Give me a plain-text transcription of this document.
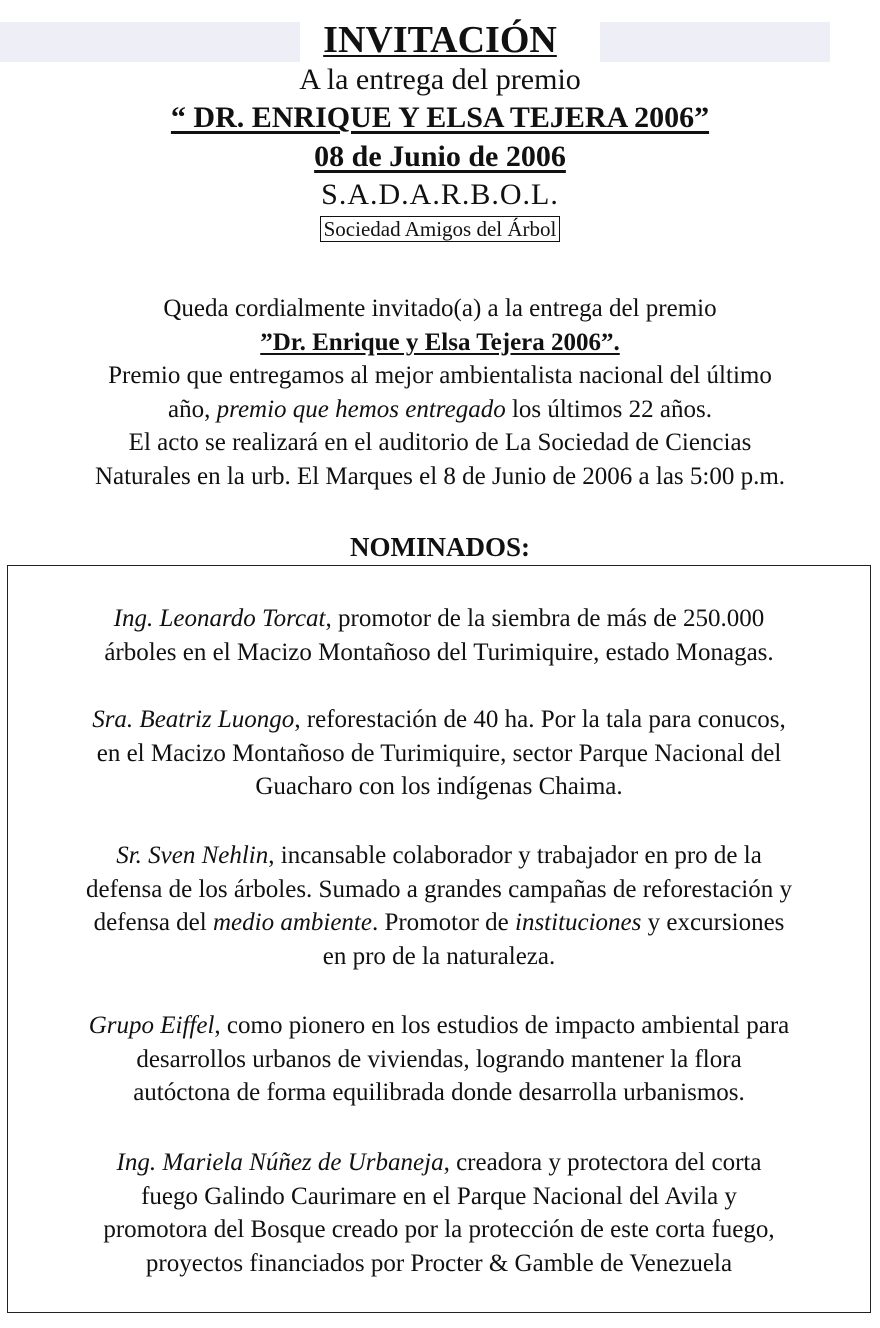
INVITACIÓN
A la entrega del premio
“ DR. ENRIQUE Y ELSA TEJERA 2006”
08 de Junio de 2006
S.A.D.A.R.B.O.L.
Sociedad Amigos del Árbol
Queda cordialmente invitado(a) a la entrega del premio
”Dr. Enrique y Elsa Tejera 2006”.
Premio que entregamos al mejor ambientalista nacional del último
año, premio que hemos entregado los últimos 22 años.
El acto se realizará en el auditorio de La Sociedad de Ciencias
Naturales en la urb. El Marques el 8 de Junio de 2006 a las 5:00 p.m.
NOMINADOS:
Ing. Leonardo Torcat, promotor de la siembra de más de 250.000
árboles en el Macizo Montañoso del Turimiquire, estado Monagas.
Sra. Beatriz Luongo, reforestación de 40 ha. Por la tala para conucos,
en el Macizo Montañoso de Turimiquire, sector Parque Nacional del
Guacharo con los indígenas Chaima.
Sr. Sven Nehlin, incansable colaborador y trabajador en pro de la
defensa de los árboles. Sumado a grandes campañas de reforestación y
defensa del medio ambiente. Promotor de instituciones y excursiones
en pro de la naturaleza.
Grupo Eiffel, como pionero en los estudios de impacto ambiental para
desarrollos urbanos de viviendas, logrando mantener la flora
autóctona de forma equilibrada donde desarrolla urbanismos.
Ing. Mariela Núñez de Urbaneja, creadora y protectora del corta
fuego Galindo Caurimare en el Parque Nacional del Avila y
promotora del Bosque creado por la protección de este corta fuego,
proyectos financiados por Procter & Gamble de Venezuela
